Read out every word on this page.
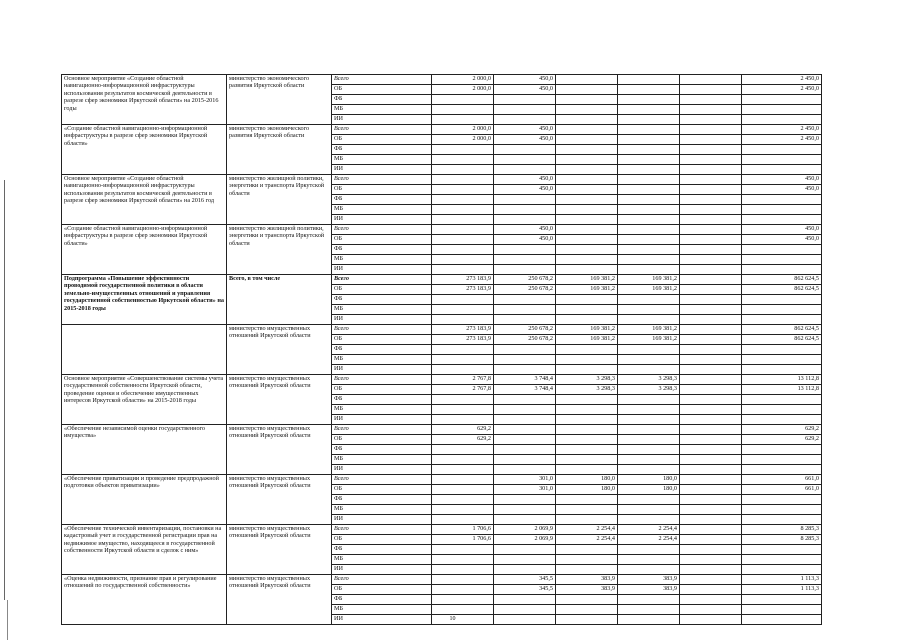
Основное мероприятие «Создание областной навигационно-информационной инфраструктуры использования результатов космической деятельности в разрезе сфер экономики Иркутской области» на 2015-2016 годы	министерство экономического развития Иркутской области	Всего	2 000,0	450,0				2 450,0
		ОБ	2 000,0	450,0				2 450,0
		ФБ						
		МБ						
		ИИ						
«Создание областной навигационно-информационной инфраструктуры в разрезе сфер экономики Иркутской области»	министерство экономического развития Иркутской области	Всего	2 000,0	450,0				2 450,0
		ОБ	2 000,0	450,0				2 450,0
		ФБ						
		МБ						
		ИИ						
Основное мероприятие «Создание областной навигационно-информационной инфраструктуры использования результатов космической деятельности в разрезе сфер экономики Иркутской области» на 2016 год	министерство жилищной политики, энергетики и транспорта Иркутской области	Всего		450,0				450,0
		ОБ		450,0				450,0
		ФБ						
		МБ						
		ИИ						
«Создание областной навигационно-информационной инфраструктуры в разрезе сфер экономики Иркутской области»	министерство жилищной политики, энергетики и транспорта Иркутской области	Всего		450,0				450,0
		ОБ		450,0				450,0
		ФБ						
		МБ						
		ИИ						
Подпрограмма «Повышение эффективности проводимой государственной политики в области земельно-имущественных отношений и управления государственной собственностью Иркутской области» на 2015-2018 годы	Всего, в том числе	Всего	273 183,9	250 678,2	169 381,2	169 381,2		862 624,5
		ОБ	273 183,9	250 678,2	169 381,2	169 381,2		862 624,5
		ФБ						
		МБ						
		ИИ						
	министерство имущественных отношений Иркутской области	Всего	273 183,9	250 678,2	169 381,2	169 381,2		862 624,5
		ОБ	273 183,9	250 678,2	169 381,2	169 381,2		862 624,5
		ФБ						
		МБ						
		ИИ						
Основное мероприятие «Совершенствование системы учета государственной собственности Иркутской области, проведение оценки и обеспечение имущественных интересов Иркутской области» на 2015-2018 годы	министерство имущественных отношений Иркутской области	Всего	2 767,8	3 748,4	3 298,3	3 298,3		13 112,8
		ОБ	2 767,8	3 748,4	3 298,3	3 298,3		13 112,8
		ФБ						
		МБ						
		ИИ						
«Обеспечение независимой оценки государственного имущества»	министерство имущественных отношений Иркутской области	Всего	629,2					629,2
		ОБ	629,2					629,2
		ФБ						
		МБ						
		ИИ						
«Обеспечение приватизации и проведение предпродажной подготовки объектов приватизации»	министерство имущественных отношений Иркутской области	Всего		301,0	180,0	180,0		661,0
		ОБ		301,0	180,0	180,0		661,0
		ФБ						
		МБ						
		ИИ						
«Обеспечение технической инвентаризации, постановки на кадастровый учет и государственной регистрации прав на недвижимое имущество, находящееся в государственной собственности Иркутской области и сделок с ним»	министерство имущественных отношений Иркутской области	Всего	1 706,6	2 069,9	2 254,4	2 254,4		8 285,3
		ОБ	1 706,6	2 069,9	2 254,4	2 254,4		8 285,3
		ФБ						
		МБ						
		ИИ						
«Оценка недвижимости, признание прав и регулирование отношений по государственной собственности»	министерство имущественных отношений Иркутской области	Всего		345,5	383,9	383,9		1 113,3
		ОБ		345,5	383,9	383,9		1 113,3
		ФБ						
		МБ						
		ИИ							10
